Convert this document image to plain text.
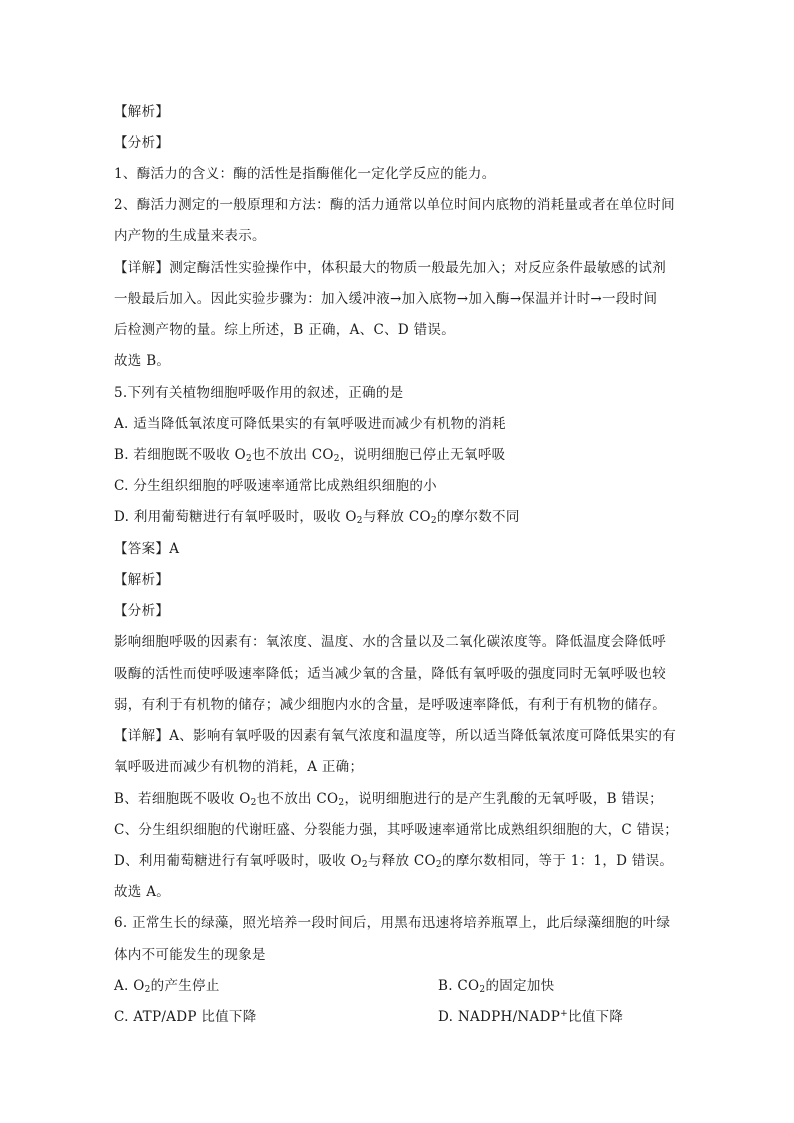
【解析】
【分析】
1、酶活力的含义：酶的活性是指酶催化一定化学反应的能力。
2、酶活力测定的一般原理和方法：酶的活力通常以单位时间内底物的消耗量或者在单位时间
内产物的生成量来表示。
【详解】测定酶活性实验操作中，体积最大的物质一般最先加入；对反应条件最敏感的试剂
一般最后加入。因此实验步骤为：加入缓冲液→加入底物→加入酶→保温并计时→一段时间
后检测产物的量。综上所述，B 正确，A、C、D 错误。
故选 B。
5.下列有关植物细胞呼吸作用的叙述，正确的是
A. 适当降低氧浓度可降低果实的有氧呼吸进而减少有机物的消耗
B. 若细胞既不吸收 $O_2$也不放出 $CO_2$，说明细胞已停止无氧呼吸
C. 分生组织细胞的呼吸速率通常比成熟组织细胞的小
D. 利用葡萄糖进行有氧呼吸时，吸收 $O_2$与释放 $CO_2$的摩尔数不同
【答案】A
【解析】
【分析】
影响细胞呼吸的因素有：氧浓度、温度、水的含量以及二氧化碳浓度等。降低温度会降低呼
吸酶的活性而使呼吸速率降低；适当减少氧的含量，降低有氧呼吸的强度同时无氧呼吸也较
弱，有利于有机物的储存；减少细胞内水的含量，是呼吸速率降低，有利于有机物的储存。
【详解】A、影响有氧呼吸的因素有氧气浓度和温度等，所以适当降低氧浓度可降低果实的有
氧呼吸进而减少有机物的消耗，A 正确；
B、若细胞既不吸收 $O_2$也不放出 $CO_2$，说明细胞进行的是产生乳酸的无氧呼吸，B 错误；
C、分生组织细胞的代谢旺盛、分裂能力强，其呼吸速率通常比成熟组织细胞的大，C 错误；
D、利用葡萄糖进行有氧呼吸时，吸收 $O_2$与释放 $CO_2$的摩尔数相同，等于 1：1，D 错误。
故选 A。
6. 正常生长的绿藻，照光培养一段时间后，用黑布迅速将培养瓶罩上，此后绿藻细胞的叶绿
体内不可能发生的现象是
A. $O_2$的产生停止	B. $CO_2$的固定加快
C. ATP/ADP 比值下降	D. NADPH/NADP+比值下降
